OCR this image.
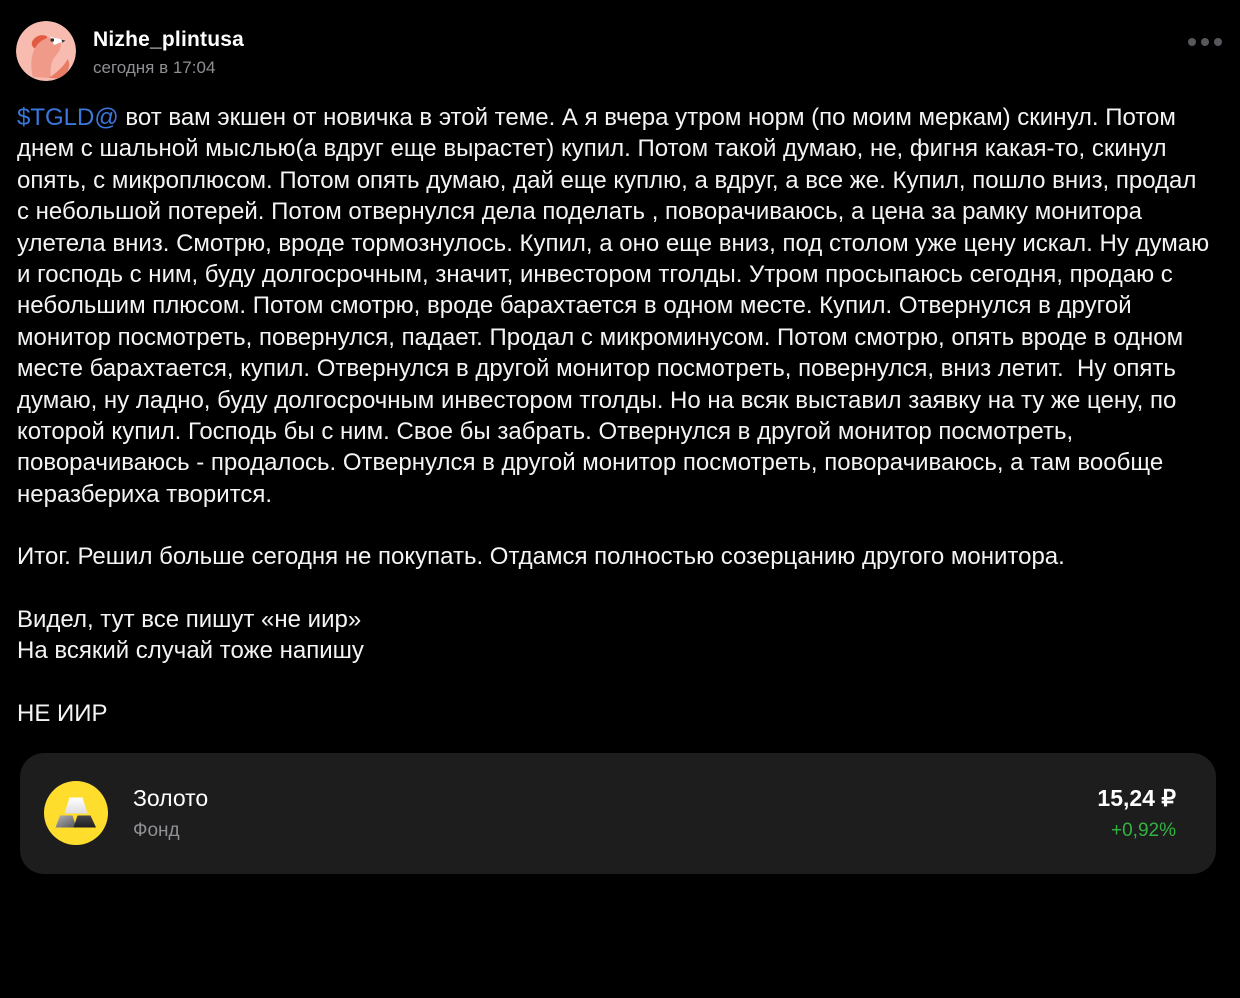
Nizhe_plintusa
сегодня в 17:04

$TGLD@ вот вам экшен от новичка в этой теме. А я вчера утром норм (по моим меркам) скинул. Потом днем с шальной мыслью(а вдруг еще вырастет) купил. Потом такой думаю, не, фигня какая-то, скинул опять, с микроплюсом. Потом опять думаю, дай еще куплю, а вдруг, а все же. Купил, пошло вниз, продал с небольшой потерей. Потом отвернулся дела поделать , поворачиваюсь, а цена за рамку монитора улетела вниз. Смотрю, вроде тормознулось. Купил, а оно еще вниз, под столом уже цену искал. Ну думаю и господь с ним, буду долгосрочным, значит, инвестором тголды. Утром просыпаюсь сегодня, продаю с небольшим плюсом. Потом смотрю, вроде барахтается в одном месте. Купил. Отвернулся в другой монитор посмотреть, повернулся, падает. Продал с микроминусом. Потом смотрю, опять вроде в одном месте барахтается, купил. Отвернулся в другой монитор посмотреть, повернулся, вниз летит.  Ну опять думаю, ну ладно, буду долгосрочным инвестором тголды. Но на всяк выставил заявку на ту же цену, по которой купил. Господь бы с ним. Свое бы забрать. Отвернулся в другой монитор посмотреть, поворачиваюсь - продалось. Отвернулся в другой монитор посмотреть, поворачиваюсь, а там вообще неразбериха творится.

Итог. Решил больше сегодня не покупать. Отдамся полностью созерцанию другого монитора.

Видел, тут все пишут «не иир»
На всякий случай тоже напишу

НЕ ИИР

Золото
Фонд
15,24 ₽
+0,92%
